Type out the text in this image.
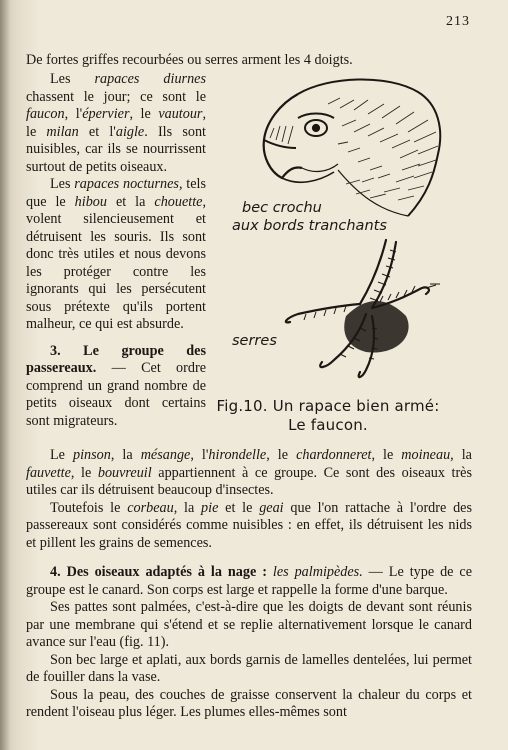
213

De fortes griffes recourbées ou serres arment les 4 doigts.

Les rapaces diurnes chassent le jour; ce sont le faucon, l'épervier, le vautour, le milan et l'aigle. Ils sont nuisibles, car ils se nourrissent surtout de petits oiseaux.

Les rapaces nocturnes, tels que le hibou et la chouette, volent silencieusement et détruisent les souris. Ils sont donc très utiles et nous devons les protéger contre les ignorants qui les persécutent sous prétexte qu'ils portent malheur, ce qui est absurde.

3. Le groupe des passereaux. — Cet ordre comprend un grand nombre de petits oiseaux dont certains sont migrateurs.

bec crochu
aux bords tranchants
serres
Fig.10. Un rapace bien armé:
Le faucon.

Le pinson, la mésange, l'hirondelle, le chardonneret, le moineau, la fauvette, le bouvreuil appartiennent à ce groupe. Ce sont des oiseaux très utiles car ils détruisent beaucoup d'insectes.

Toutefois le corbeau, la pie et le geai que l'on rattache à l'ordre des passereaux sont considérés comme nuisibles : en effet, ils détruisent les nids et pillent les grains de semences.

4. Des oiseaux adaptés à la nage : les palmipèdes. — Le type de ce groupe est le canard. Son corps est large et rappelle la forme d'une barque.

Ses pattes sont palmées, c'est-à-dire que les doigts de devant sont réunis par une membrane qui s'étend et se replie alternativement lorsque le canard avance sur l'eau (fig. 11).

Son bec large et aplati, aux bords garnis de lamelles dentelées, lui permet de fouiller dans la vase.

Sous la peau, des couches de graisse conservent la chaleur du corps et rendent l'oiseau plus léger. Les plumes elles-mêmes sont
